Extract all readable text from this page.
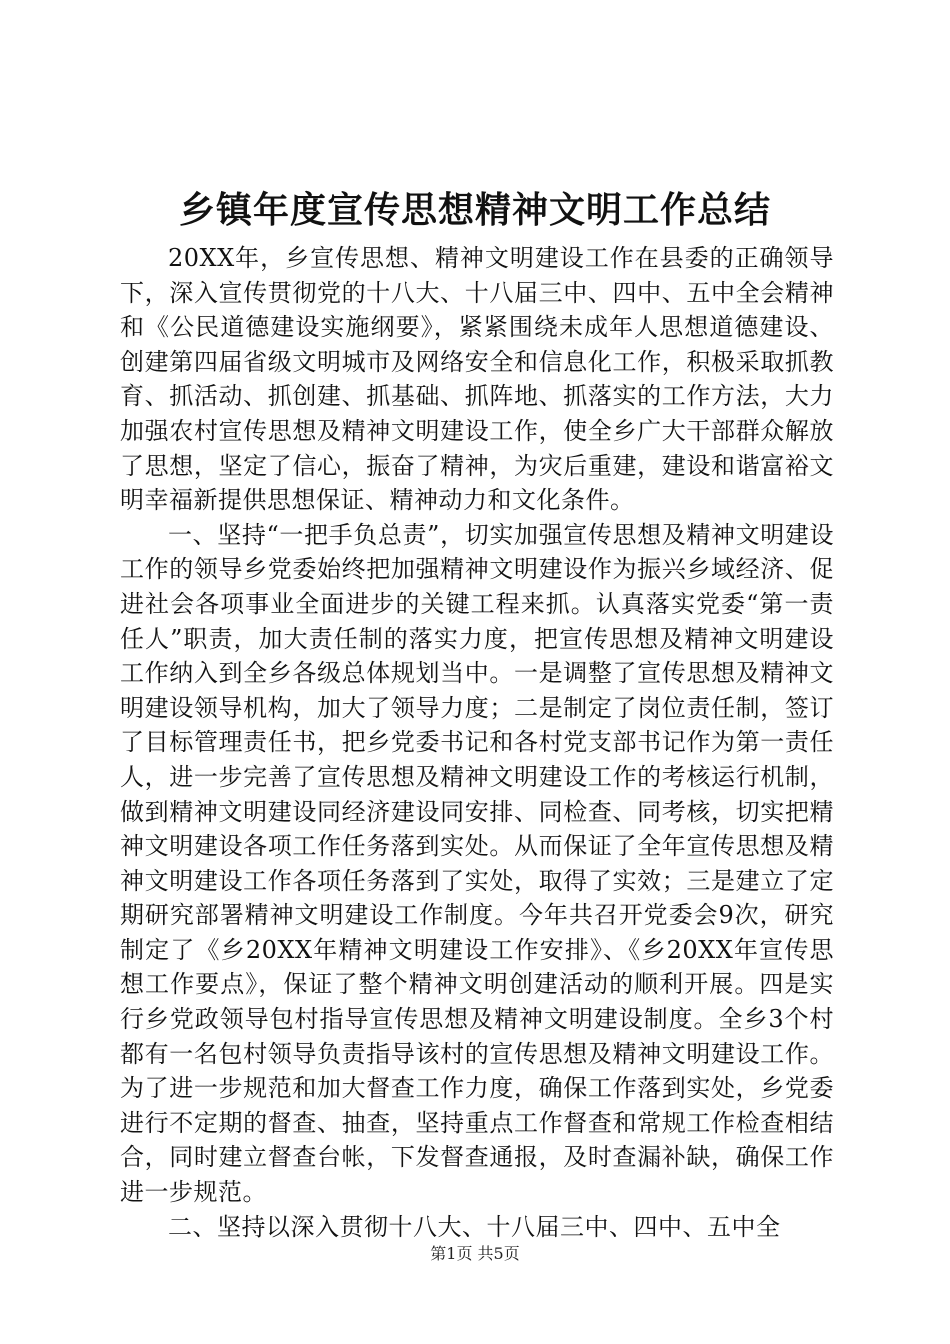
乡镇年度宣传思想精神文明工作总结

20XX年，乡宣传思想、精神文明建设工作在县委的正确领导下，深入宣传贯彻党的十八大、十八届三中、四中、五中全会精神和《公民道德建设实施纲要》，紧紧围绕未成年人思想道德建设、创建第四届省级文明城市及网络安全和信息化工作，积极采取抓教育、抓活动、抓创建、抓基础、抓阵地、抓落实的工作方法，大力加强农村宣传思想及精神文明建设工作，使全乡广大干部群众解放了思想，坚定了信心，振奋了精神，为灾后重建，建设和谐富裕文明幸福新提供思想保证、精神动力和文化条件。

一、坚持“一把手负总责”，切实加强宣传思想及精神文明建设工作的领导乡党委始终把加强精神文明建设作为振兴乡域经济、促进社会各项事业全面进步的关键工程来抓。认真落实党委“第一责任人”职责，加大责任制的落实力度，把宣传思想及精神文明建设工作纳入到全乡各级总体规划当中。一是调整了宣传思想及精神文明建设领导机构，加大了领导力度；二是制定了岗位责任制，签订了目标管理责任书，把乡党委书记和各村党支部书记作为第一责任人，进一步完善了宣传思想及精神文明建设工作的考核运行机制，做到精神文明建设同经济建设同安排、同检查、同考核，切实把精神文明建设各项工作任务落到实处。从而保证了全年宣传思想及精神文明建设工作各项任务落到了实处，取得了实效；三是建立了定期研究部署精神文明建设工作制度。今年共召开党委会9次，研究制定了《乡20XX年精神文明建设工作安排》、《乡20XX年宣传思想工作要点》，保证了整个精神文明创建活动的顺利开展。四是实行乡党政领导包村指导宣传思想及精神文明建设制度。全乡3个村都有一名包村领导负责指导该村的宣传思想及精神文明建设工作。为了进一步规范和加大督查工作力度，确保工作落到实处，乡党委进行不定期的督查、抽查，坚持重点工作督查和常规工作检查相结合，同时建立督查台帐，下发督查通报，及时查漏补缺，确保工作进一步规范。

二、坚持以深入贯彻十八大、十八届三中、四中、五中全

第1页 共5页
